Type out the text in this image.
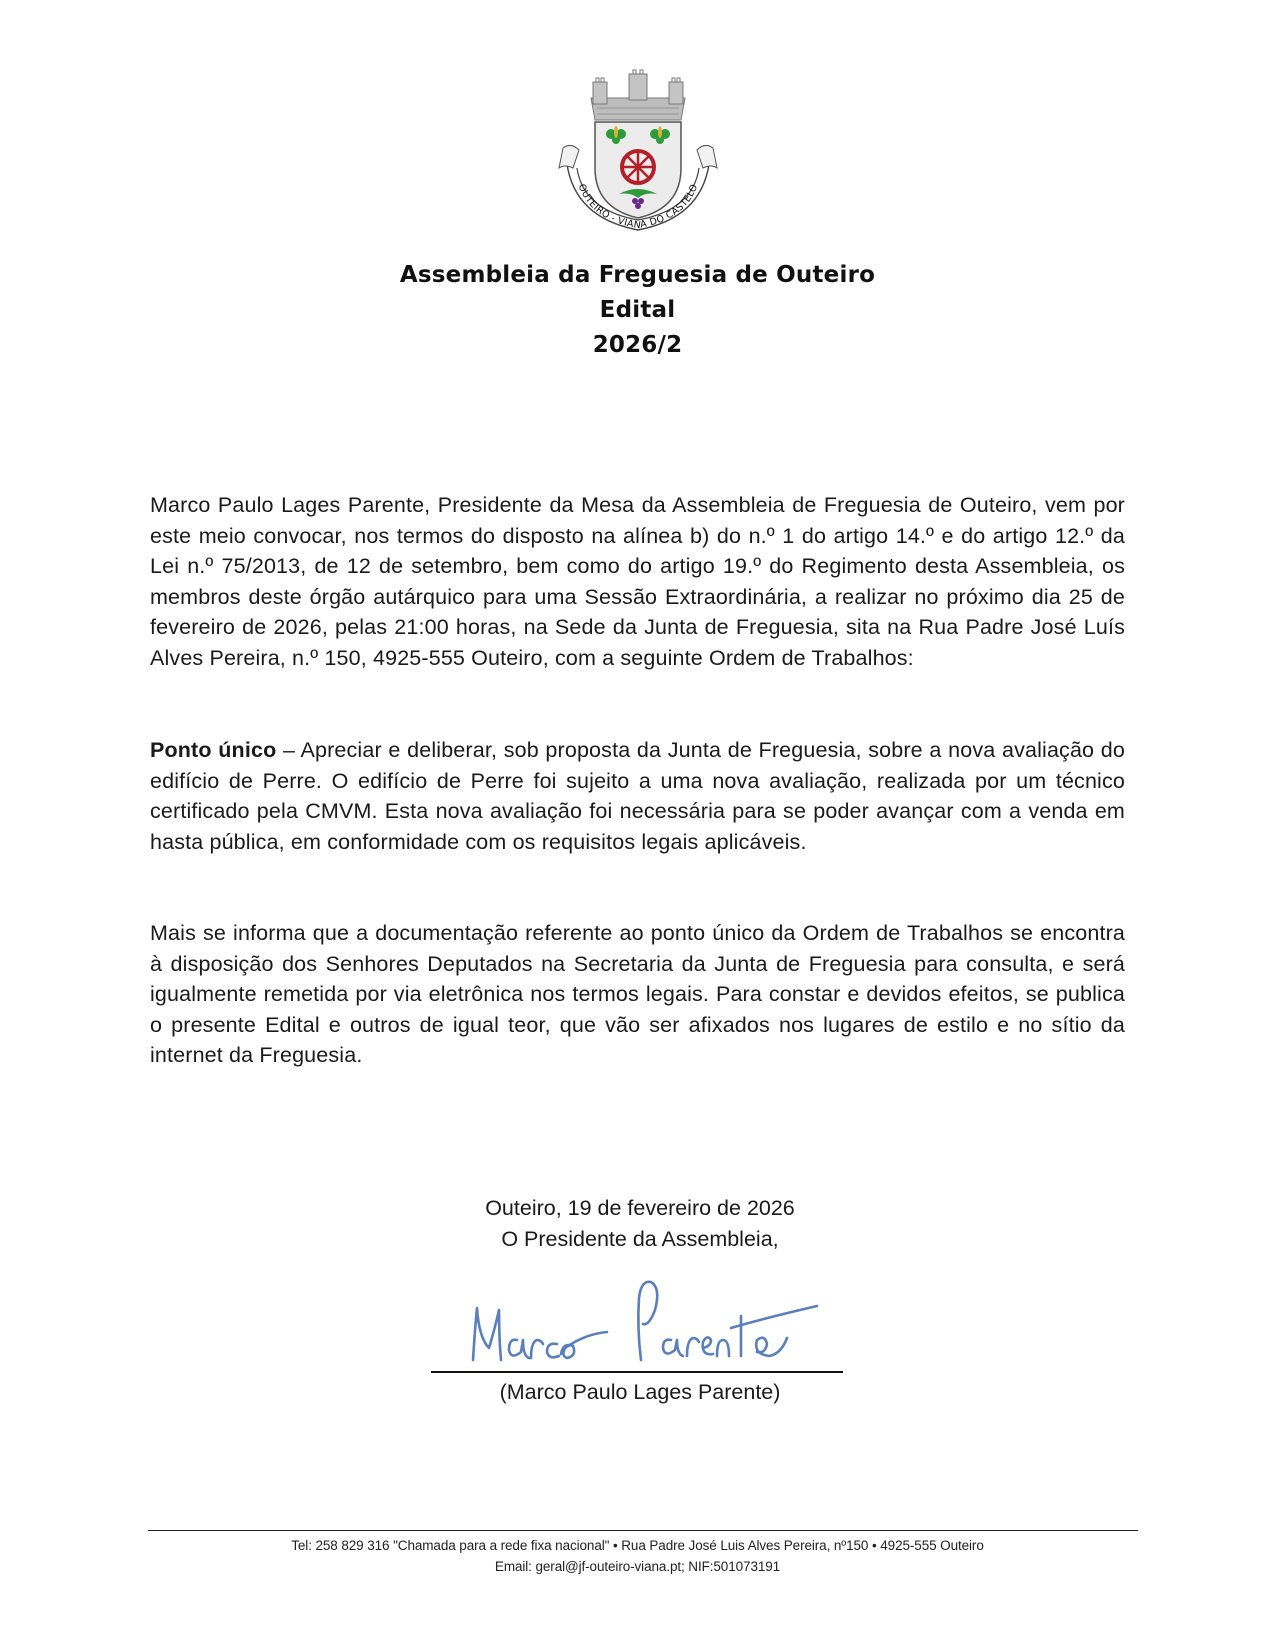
OUTEIRO - VIANA DO CASTELO
Assembleia da Freguesia de Outeiro
Edital
2026/2
Marco Paulo Lages Parente, Presidente da Mesa da Assembleia de Freguesia de Outeiro, vem por este meio convocar, nos termos do disposto na alínea b) do n.º 1 do artigo 14.º e do artigo 12.º da Lei n.º 75/2013, de 12 de setembro, bem como do artigo 19.º do Regimento desta Assembleia, os membros deste órgão autárquico para uma Sessão Extraordinária, a realizar no próximo dia 25 de fevereiro de 2026, pelas 21:00 horas, na Sede da Junta de Freguesia, sita na Rua Padre José Luís Alves Pereira, n.º 150, 4925-555 Outeiro, com a seguinte Ordem de Trabalhos:
Ponto único – Apreciar e deliberar, sob proposta da Junta de Freguesia, sobre a nova avaliação do edifício de Perre. O edifício de Perre foi sujeito a uma nova avaliação, realizada por um técnico certificado pela CMVM. Esta nova avaliação foi necessária para se poder avançar com a venda em hasta pública, em conformidade com os requisitos legais aplicáveis.
Mais se informa que a documentação referente ao ponto único da Ordem de Trabalhos se encontra à disposição dos Senhores Deputados na Secretaria da Junta de Freguesia para consulta, e será igualmente remetida por via eletrônica nos termos legais. Para constar e devidos efeitos, se publica o presente Edital e outros de igual teor, que vão ser afixados nos lugares de estilo e no sítio da internet da Freguesia.
Outeiro, 19 de fevereiro de 2026
O Presidente da Assembleia,
(Marco Paulo Lages Parente)
Tel: 258 829 316 "Chamada para a rede fixa nacional" • Rua Padre José Luis Alves Pereira, nº150 • 4925-555 Outeiro
Email: geral@jf-outeiro-viana.pt; NIF:501073191
